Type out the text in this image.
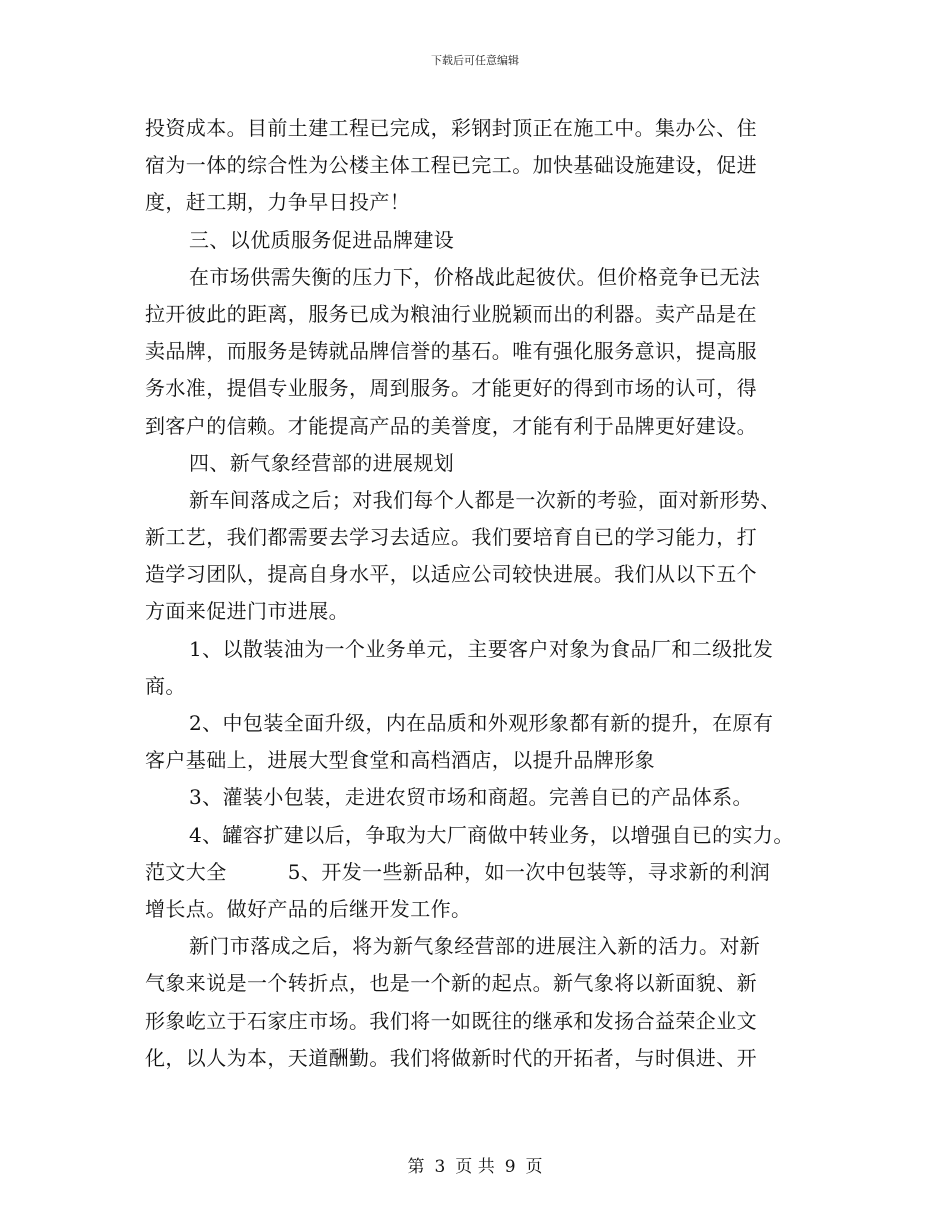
下载后可任意编辑
投资成本。目前土建工程已完成，彩钢封顶正在施工中。集办公、住
宿为一体的综合性为公楼主体工程已完工。加快基础设施建设，促进
度，赶工期，力争早日投产！
三、以优质服务促进品牌建设
在市场供需失衡的压力下，价格战此起彼伏。但价格竞争已无法
拉开彼此的距离，服务已成为粮油行业脱颖而出的利器。卖产品是在
卖品牌，而服务是铸就品牌信誉的基石。唯有强化服务意识，提高服
务水准，提倡专业服务，周到服务。才能更好的得到市场的认可，得
到客户的信赖。才能提高产品的美誉度，才能有利于品牌更好建设。
四、新气象经营部的进展规划
新车间落成之后；对我们每个人都是一次新的考验，面对新形势、
新工艺，我们都需要去学习去适应。我们要培育自已的学习能力，打
造学习团队，提高自身水平，以适应公司较快进展。我们从以下五个
方面来促进门市进展。
1、以散装油为一个业务单元，主要客户对象为食品厂和二级批发
商。
2、中包装全面升级，内在品质和外观形象都有新的提升，在原有
客户基础上，进展大型食堂和高档酒店，以提升品牌形象
3、灌装小包装，走进农贸市场和商超。完善自已的产品体系。
4、罐容扩建以后，争取为大厂商做中转业务，以增强自已的实力。
范文大全　　　5、开发一些新品种，如一次中包装等，寻求新的利润
增长点。做好产品的后继开发工作。
新门市落成之后，将为新气象经营部的进展注入新的活力。对新
气象来说是一个转折点，也是一个新的起点。新气象将以新面貌、新
形象屹立于石家庄市场。我们将一如既往的继承和发扬合益荣企业文
化，以人为本，天道酬勤。我们将做新时代的开拓者，与时俱进、开
第 3 页 共 9 页
